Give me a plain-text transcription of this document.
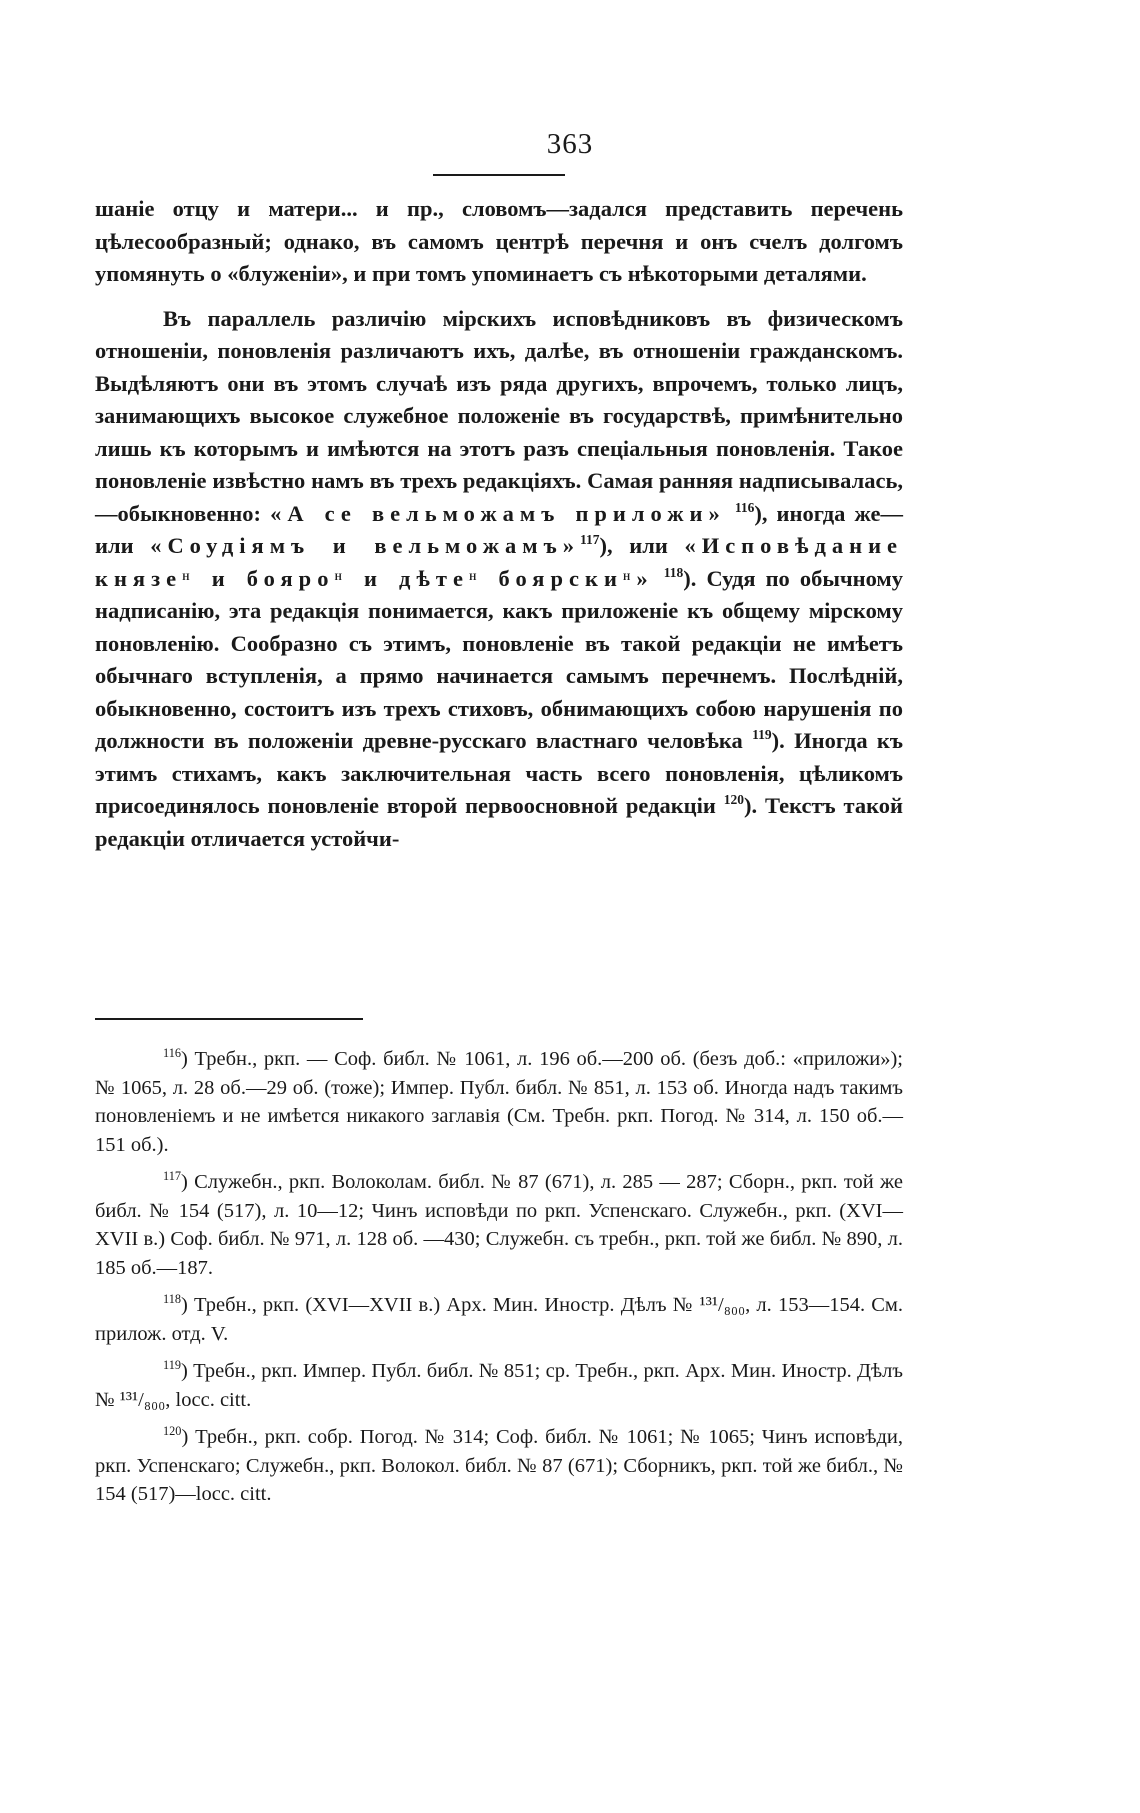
363

шаніе отцу и матери... и пр., словомъ—задался представить перечень цѣлесообразный; однако, въ самомъ центрѣ перечня и онъ счелъ долгомъ упомянуть о «блуженіи», и при томъ упоминаетъ съ нѣкоторыми деталями.

Въ параллель различію мірскихъ исповѣдниковъ въ физическомъ отношеніи, поновленія различаютъ ихъ, далѣе, въ отношеніи гражданскомъ. Выдѣляютъ они въ этомъ случаѣ изъ ряда другихъ, впрочемъ, только лицъ, занимающихъ высокое служебное положеніе въ государствѣ, примѣнительно лишь къ которымъ и имѣются на этотъ разъ спеціальныя поновленія. Такое поновленіе извѣстно намъ въ трехъ редакціяхъ. Самая ранняя надписывалась,—обыкновенно: «А се вельможамъ приложи» $^{116}$), иногда же—или «Соудіямъ и вельможамъ»$^{117}$), или «Исповѣдание князеᵸ и бояроᵸ и дѣтеᵸ боярскиᵸ» $^{118}$). Судя по обычному надписанію, эта редакція понимается, какъ приложеніе къ общему мірскому поновленію. Сообразно съ этимъ, поновленіе въ такой редакціи не имѣетъ обычнаго вступленія, а прямо начинается самымъ перечнемъ. Послѣдній, обыкновенно, состоитъ изъ трехъ стиховъ, обнимающихъ собою нарушенія по должности въ положеніи древне-русскаго властнаго человѣка $^{119}$). Иногда къ этимъ стихамъ, какъ заключительная часть всего поновленія, цѣликомъ присоединялось поновленіе второй первоосновной редакціи $^{120}$). Текстъ такой редакціи отличается устойчи-

$^{116}$) Требн., ркп. — Соф. библ. № 1061, л. 196 об.—200 об. (безъ доб.: «приложи»); № 1065, л. 28 об.—29 об. (тоже); Импер. Публ. библ. № 851, л. 153 об. Иногда надъ такимъ поновленіемъ и не имѣется никакого заглавія (См. Требн. ркп. Погод. № 314, л. 150 об.—151 об.).

$^{117}$) Служебн., ркп. Волоколам. библ. № 87 (671), л. 285 — 287; Сборн., ркп. той же библ. № 154 (517), л. 10—12; Чинъ исповѣди по ркп. Успенскаго. Служебн., ркп. (XVI—XVII в.) Соф. библ. № 971, л. 128 об. —430; Служебн. съ требн., ркп. той же библ. № 890, л. 185 об.—187.

$^{118}$) Требн., ркп. (XVI—XVII в.) Арх. Мин. Иностр. Дѣлъ № ¹³¹/₈₀₀, л. 153—154. См. прилож. отд. V.

$^{119}$) Требн., ркп. Импер. Публ. библ. № 851; ср. Требн., ркп. Арх. Мин. Иностр. Дѣлъ № ¹³¹/₈₀₀, locc. citt.

$^{120}$) Требн., ркп. собр. Погод. № 314; Соф. библ. № 1061; № 1065; Чинъ исповѣди, ркп. Успенскаго; Служебн., ркп. Волокол. библ. № 87 (671); Сборникъ, ркп. той же библ., № 154 (517)—locc. citt.
